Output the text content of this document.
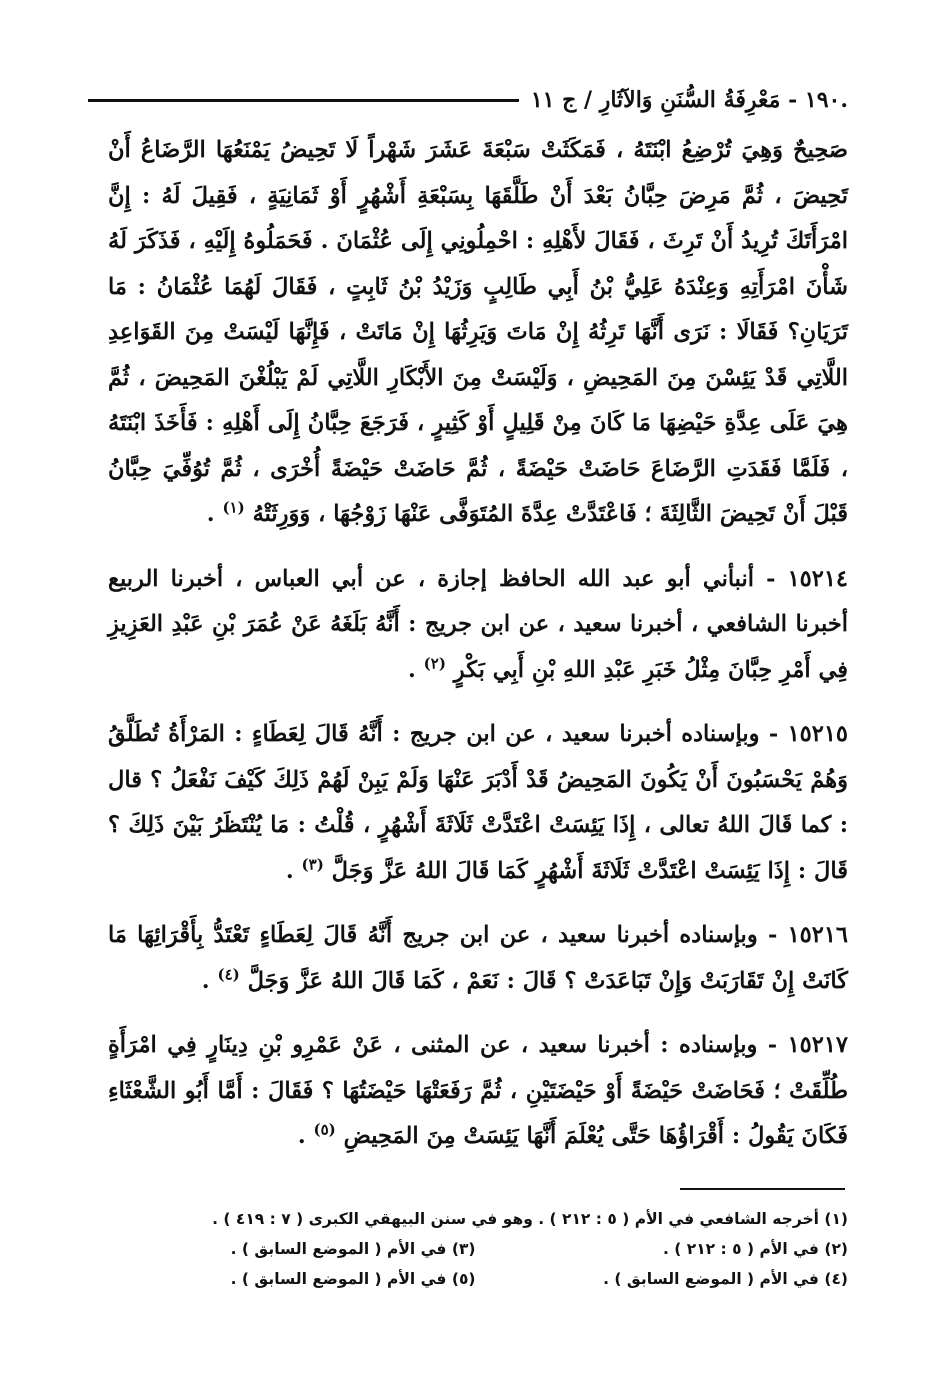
.١٩٠ - مَعْرِفَةُ السُّنَنِ وَالآثَارِ / ج ١١

صَحِيحٌ وَهِيَ تُرْضِعُ ابْنَتَهُ ، فَمَكَثَتْ سَبْعَةَ عَشَرَ شَهْراً لَا تَحِيضُ يَمْنَعُهَا الرَّضَاعُ أَنْ تَحِيضَ ، ثُمَّ مَرِضَ حِبَّانُ بَعْدَ أَنْ طَلَّقَهَا بِسَبْعَةِ أَشْهُرٍ أَوْ ثَمَانِيَةٍ ، فَقِيلَ لَهُ : إِنَّ امْرَأَتَكَ تُرِيدُ أَنْ تَرِثَ ، فَقَالَ لأَهْلِهِ : احْمِلُونِي إِلَى عُثْمَانَ . فَحَمَلُوهُ إِلَيْهِ ، فَذَكَرَ لَهُ شَأْنَ امْرَأَتِهِ وَعِنْدَهُ عَلِيُّ بْنُ أَبِي طَالِبٍ وَزَيْدُ بْنُ ثَابِتٍ ، فَقَالَ لَهُمَا عُثْمَانُ : مَا تَرَيَانِ؟ فَقَالَا : نَرَى أَنَّهَا تَرِثُهُ إِنْ مَاتَ وَيَرِثُهَا إِنْ مَاتَتْ ، فَإِنَّهَا لَيْسَتْ مِنَ القَوَاعِدِ اللَّاتِي قَدْ يَئِسْنَ مِنَ المَحِيضِ ، وَلَيْسَتْ مِنَ الأَبْكَارِ اللَّاتِي لَمْ يَبْلُغْنَ المَحِيضَ ، ثُمَّ هِيَ عَلَى عِدَّةِ حَيْضِهَا مَا كَانَ مِنْ قَلِيلٍ أَوْ كَثِيرٍ ، فَرَجَعَ حِبَّانُ إِلَى أَهْلِهِ : فَأَخَذَ ابْنَتَهُ ، فَلَمَّا فَقَدَتِ الرَّضَاعَ حَاضَتْ حَيْضَةً ، ثُمَّ حَاضَتْ حَيْضَةً أُخْرَى ، ثُمَّ تُوُفِّيَ حِبَّانُ قَبْلَ أَنْ تَحِيضَ الثَّالِثَةَ ؛ فَاعْتَدَّتْ عِدَّةَ المُتَوَفَّى عَنْهَا زَوْجُهَا ، وَوَرِثَتْهُ $^{(١)}$ .

١٥٢١٤ - أنبأني أبو عبد الله الحافظ إجازة ، عن أبي العباس ، أخبرنا الربيع أخبرنا الشافعي ، أخبرنا سعيد ، عن ابن جريج : أَنَّهُ بَلَغَهُ عَنْ عُمَرَ بْنِ عَبْدِ العَزِيزِ فِي أَمْرِ حِبَّانَ مِثْلُ خَبَرِ عَبْدِ اللهِ بْنِ أَبِي بَكْرٍ $^{(٢)}$ .

١٥٢١٥ - وبإسناده أخبرنا سعيد ، عن ابن جريج : أَنَّهُ قَالَ لِعَطَاءٍ : المَرْأَةُ تُطَلَّقُ وَهُمْ يَحْسَبُونَ أَنْ يَكُونَ المَحِيضُ قَدْ أَدْبَرَ عَنْهَا وَلَمْ يَبِنْ لَهُمْ ذَلِكَ كَيْفَ نَفْعَلُ ؟ قال : كما قَالَ اللهُ تعالى ، إِذَا يَئِسَتْ اعْتَدَّتْ ثَلَاثَةَ أَشْهُرٍ ، قُلْتُ : مَا يُنْتَظَرُ بَيْنَ ذَلِكَ ؟ قَالَ : إِذَا يَئِسَتْ اعْتَدَّتْ ثَلَاثَةَ أَشْهُرٍ كَمَا قَالَ اللهُ عَزَّ وَجَلَّ $^{(٣)}$ .

١٥٢١٦ - وبإسناده أخبرنا سعيد ، عن ابن جريج أَنَّهُ قَالَ لِعَطَاءٍ تَعْتَدُّ بِأَقْرَائِهَا مَا كَانَتْ إِنْ تَقَارَبَتْ وَإِنْ تَبَاعَدَتْ ؟ قَالَ : نَعَمْ ، كَمَا قَالَ اللهُ عَزَّ وَجَلَّ $^{(٤)}$ .

١٥٢١٧ - وبإسناده : أخبرنا سعيد ، عن المثنى ، عَنْ عَمْرِو بْنِ دِينَارٍ فِي امْرَأَةٍ طُلِّقَتْ ؛ فَحَاضَتْ حَيْضَةً أَوْ حَيْضَتَيْنِ ، ثُمَّ رَفَعَتْهَا حَيْضَتُهَا ؟ فَقَالَ : أَمَّا أَبُو الشَّعْثَاءِ فَكَانَ يَقُولُ : أَقْرَاؤُهَا حَتَّى يُعْلَمَ أَنَّهَا يَئِسَتْ مِنَ المَحِيضِ $^{(٥)}$ .

(١) أخرجه الشافعي في الأم ( ٥ : ٢١٢ ) . وهو في سنن البيهقي الكبرى ( ٧ : ٤١٩ ) .
(٢) في الأم ( ٥ : ٢١٢ ) .
(٣) في الأم ( الموضع السابق ) .
(٤) في الأم ( الموضع السابق ) .
(٥) في الأم ( الموضع السابق ) .
